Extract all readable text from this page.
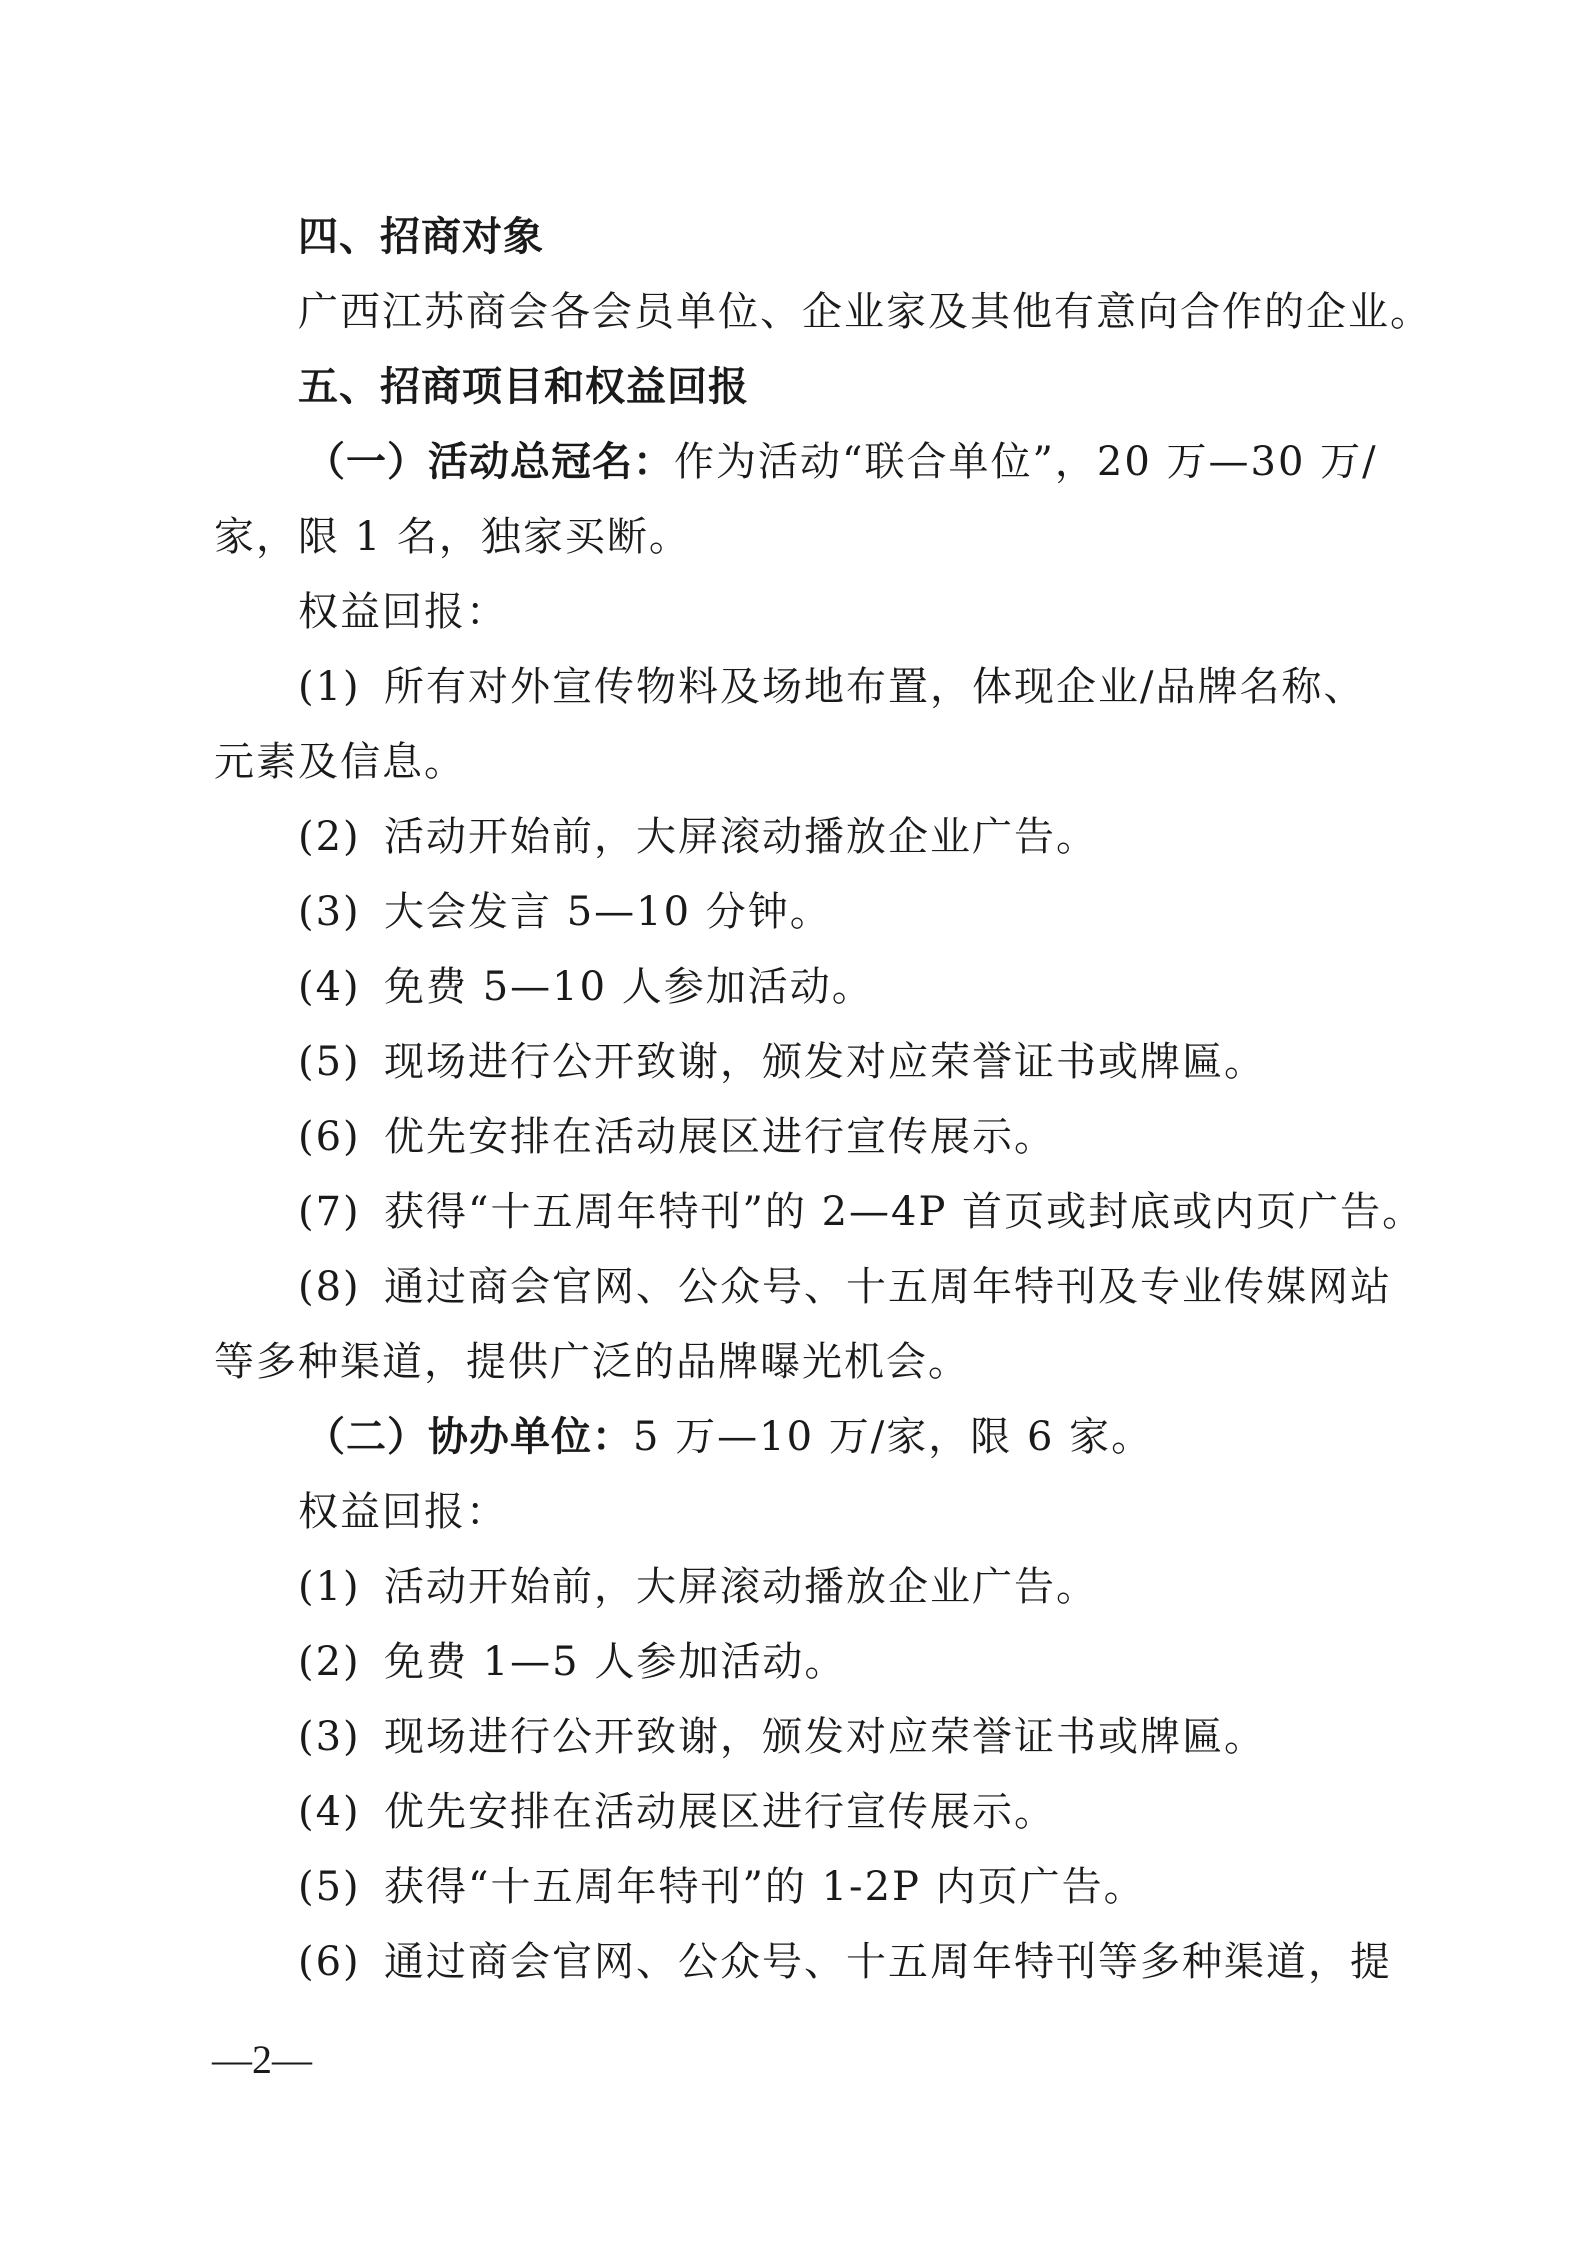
四、招商对象
广西江苏商会各会员单位、企业家及其他有意向合作的企业。
五、招商项目和权益回报
（一）活动总冠名：作为活动“联合单位”，20 万—30 万/
家，限 1 名，独家买断。
权益回报：
(1) 所有对外宣传物料及场地布置，体现企业/品牌名称、
元素及信息。
(2) 活动开始前，大屏滚动播放企业广告。
(3) 大会发言 5—10 分钟。
(4) 免费 5—10 人参加活动。
(5) 现场进行公开致谢，颁发对应荣誉证书或牌匾。
(6) 优先安排在活动展区进行宣传展示。
(7) 获得“十五周年特刊”的 2—4P 首页或封底或内页广告。
(8) 通过商会官网、公众号、十五周年特刊及专业传媒网站
等多种渠道，提供广泛的品牌曝光机会。
（二）协办单位：5 万—10 万/家，限 6 家。
权益回报：
(1) 活动开始前，大屏滚动播放企业广告。
(2) 免费 1—5 人参加活动。
(3) 现场进行公开致谢，颁发对应荣誉证书或牌匾。
(4) 优先安排在活动展区进行宣传展示。
(5) 获得“十五周年特刊”的 1-2P 内页广告。
(6) 通过商会官网、公众号、十五周年特刊等多种渠道，提
—2—
